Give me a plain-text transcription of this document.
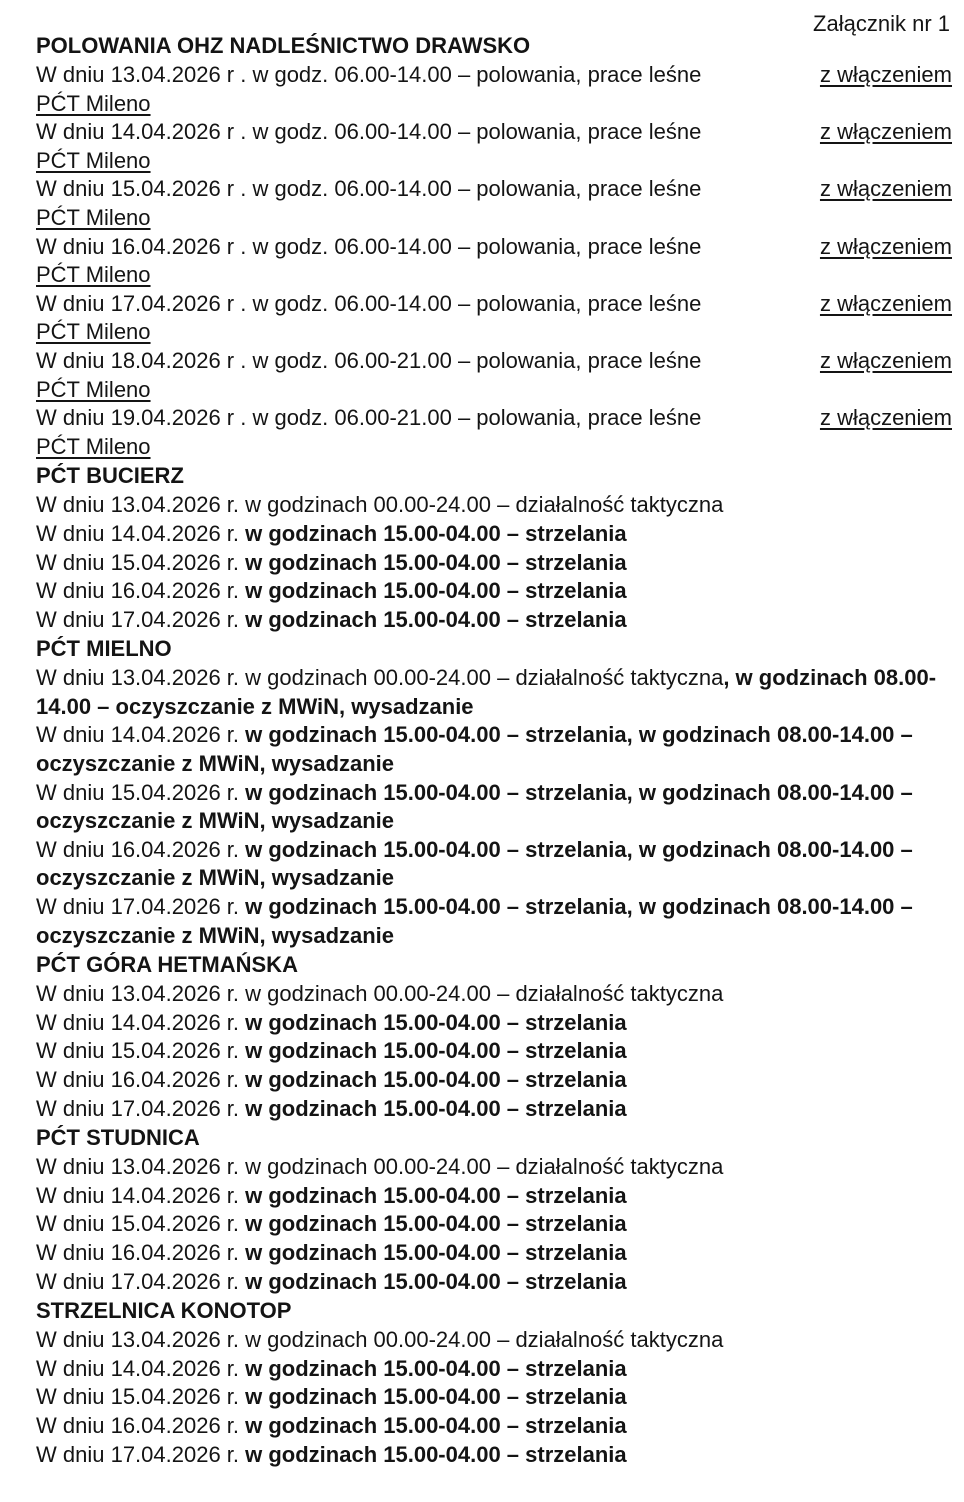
Załącznik nr 1
POLOWANIA OHZ NADLEŚNICTWO DRAWSKO
W dniu 13.04.2026 r . w godz. 06.00-14.00 – polowania, prace leśne	z włączeniem
PĆT Mileno
W dniu 14.04.2026 r . w godz. 06.00-14.00 – polowania, prace leśne	z włączeniem
PĆT Mileno
W dniu 15.04.2026 r . w godz. 06.00-14.00 – polowania, prace leśne	z włączeniem
PĆT Mileno
W dniu 16.04.2026 r . w godz. 06.00-14.00 – polowania, prace leśne	z włączeniem
PĆT Mileno
W dniu 17.04.2026 r . w godz. 06.00-14.00 – polowania, prace leśne	z włączeniem
PĆT Mileno
W dniu 18.04.2026 r . w godz. 06.00-21.00 – polowania, prace leśne	z włączeniem
PĆT Mileno
W dniu 19.04.2026 r . w godz. 06.00-21.00 – polowania, prace leśne	z włączeniem
PĆT Mileno
PĆT BUCIERZ
W dniu 13.04.2026 r. w godzinach 00.00-24.00 – działalność taktyczna
W dniu 14.04.2026 r. w godzinach 15.00-04.00 – strzelania
W dniu 15.04.2026 r. w godzinach 15.00-04.00 – strzelania
W dniu 16.04.2026 r. w godzinach 15.00-04.00 – strzelania
W dniu 17.04.2026 r. w godzinach 15.00-04.00 – strzelania
PĆT MIELNO
W dniu 13.04.2026 r. w godzinach 00.00-24.00 – działalność taktyczna, w godzinach 08.00-14.00 – oczyszczanie z MWiN, wysadzanie
W dniu 14.04.2026 r. w godzinach 15.00-04.00 – strzelania, w godzinach 08.00-14.00 – oczyszczanie z MWiN, wysadzanie
W dniu 15.04.2026 r. w godzinach 15.00-04.00 – strzelania, w godzinach 08.00-14.00 – oczyszczanie z MWiN, wysadzanie
W dniu 16.04.2026 r. w godzinach 15.00-04.00 – strzelania, w godzinach 08.00-14.00 – oczyszczanie z MWiN, wysadzanie
W dniu 17.04.2026 r. w godzinach 15.00-04.00 – strzelania, w godzinach 08.00-14.00 – oczyszczanie z MWiN, wysadzanie
PĆT GÓRA HETMAŃSKA
W dniu 13.04.2026 r. w godzinach 00.00-24.00 – działalność taktyczna
W dniu 14.04.2026 r. w godzinach 15.00-04.00 – strzelania
W dniu 15.04.2026 r. w godzinach 15.00-04.00 – strzelania
W dniu 16.04.2026 r. w godzinach 15.00-04.00 – strzelania
W dniu 17.04.2026 r. w godzinach 15.00-04.00 – strzelania
PĆT STUDNICA
W dniu 13.04.2026 r. w godzinach 00.00-24.00 – działalność taktyczna
W dniu 14.04.2026 r. w godzinach 15.00-04.00 – strzelania
W dniu 15.04.2026 r. w godzinach 15.00-04.00 – strzelania
W dniu 16.04.2026 r. w godzinach 15.00-04.00 – strzelania
W dniu 17.04.2026 r. w godzinach 15.00-04.00 – strzelania
STRZELNICA KONOTOP
W dniu 13.04.2026 r. w godzinach 00.00-24.00 – działalność taktyczna
W dniu 14.04.2026 r. w godzinach 15.00-04.00 – strzelania
W dniu 15.04.2026 r. w godzinach 15.00-04.00 – strzelania
W dniu 16.04.2026 r. w godzinach 15.00-04.00 – strzelania
W dniu 17.04.2026 r. w godzinach 15.00-04.00 – strzelania
